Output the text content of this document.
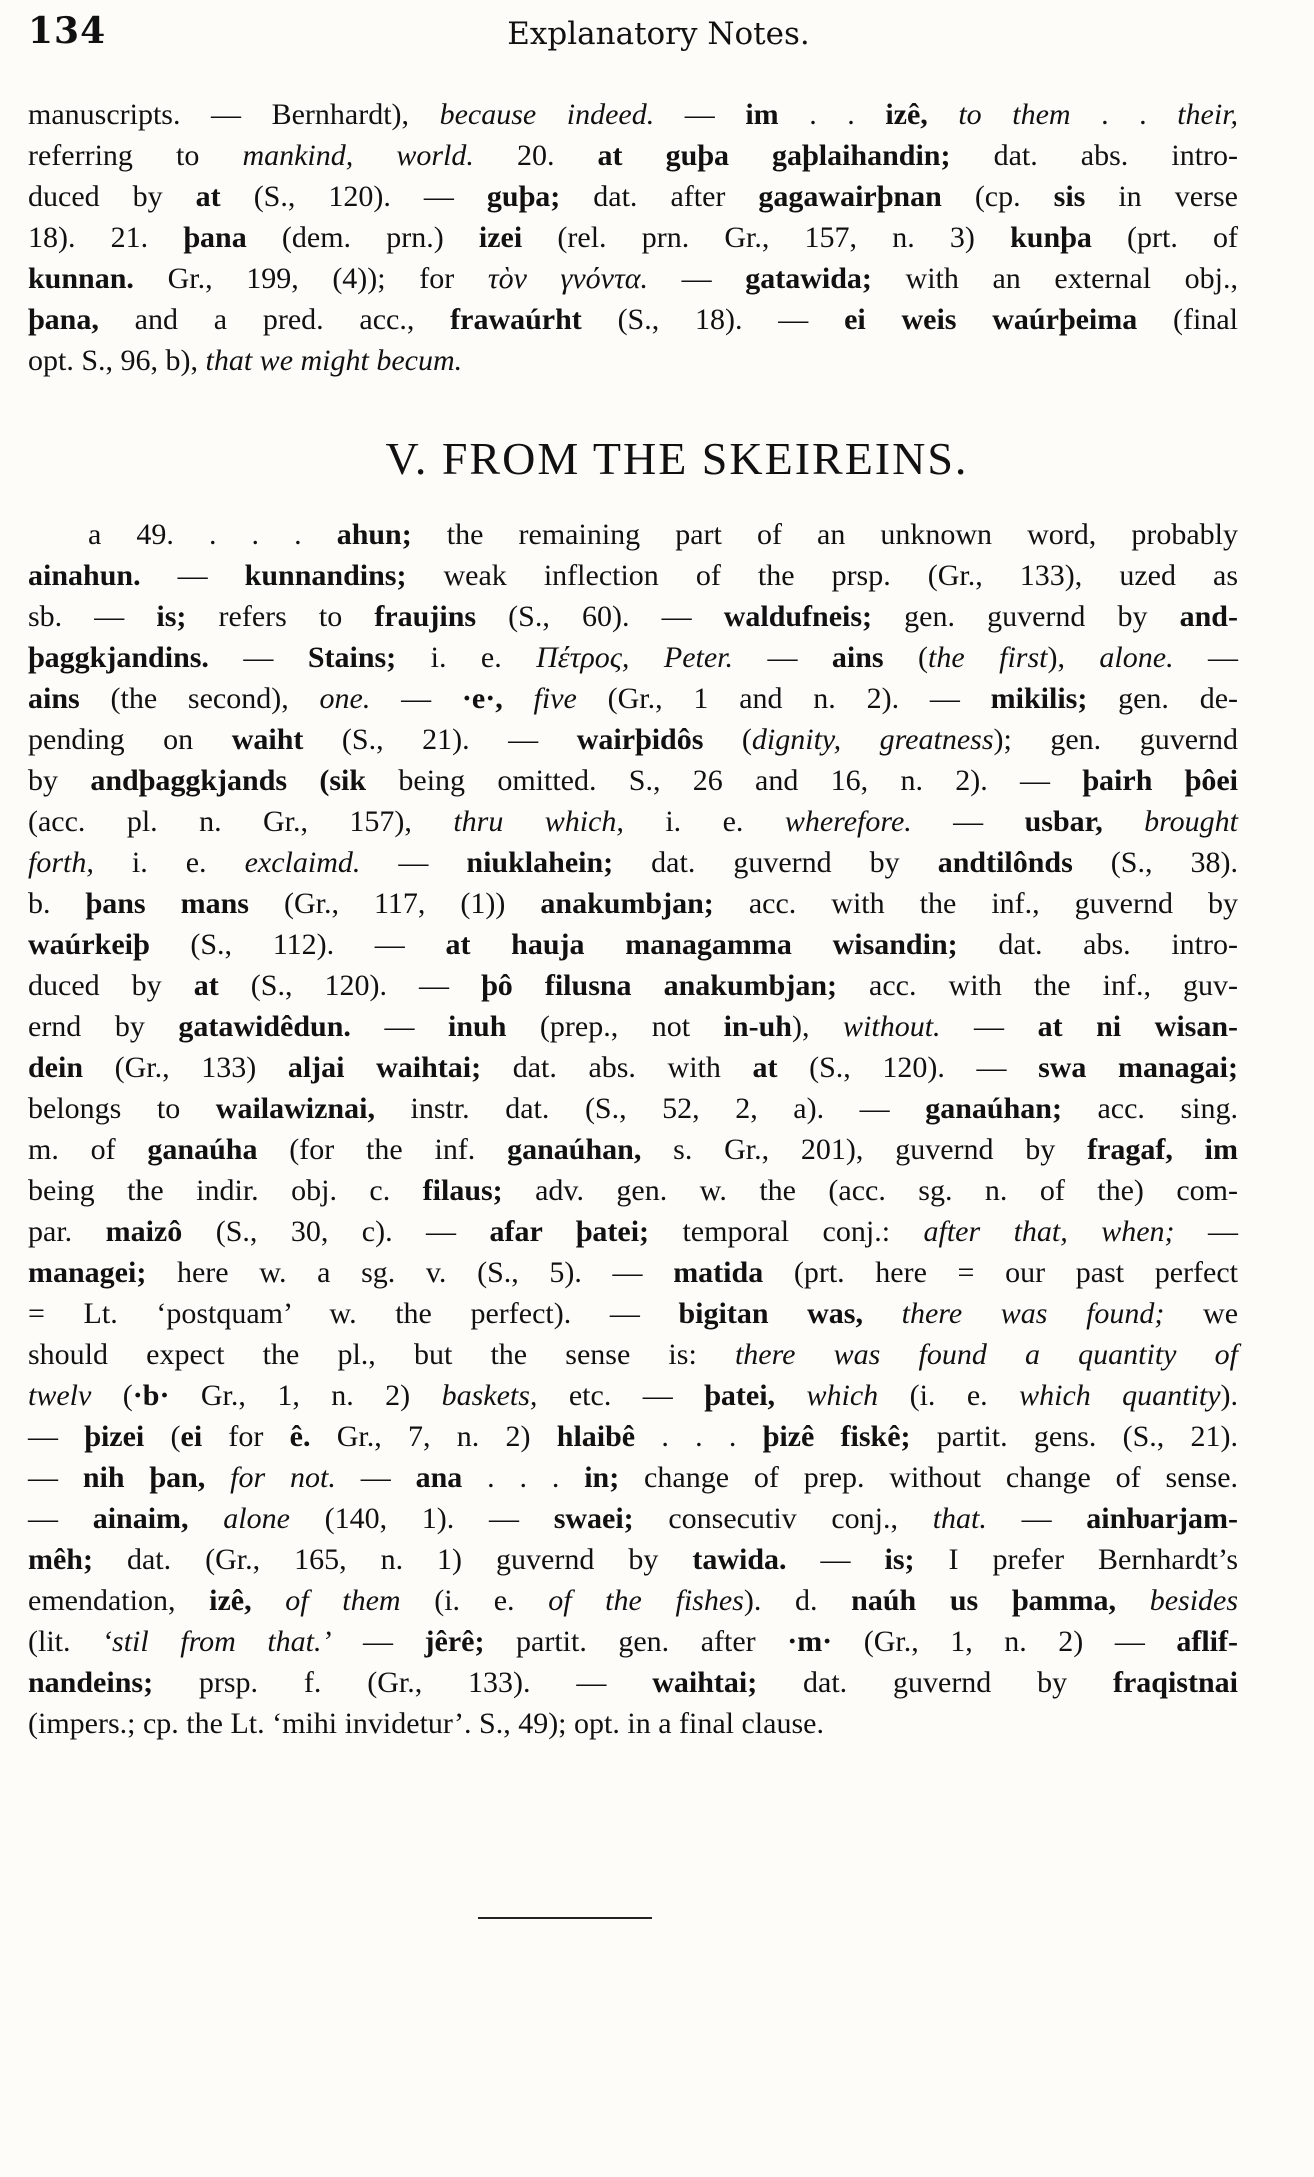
134	Explanatory Notes.
manuscripts. — Bernhardt), because indeed. — im . . izê, to them . . their,
referring to mankind, world. 20. at guþa gaþlaihandin; dat. abs. intro-
duced by at (S., 120). — guþa; dat. after gagawairþnan (cp. sis in verse
18). 21. þana (dem. prn.) izei (rel. prn. Gr., 157, n. 3) kunþa (prt. of
kunnan. Gr., 199, (4)); for τὸν γνόντα. — gatawida; with an external obj.,
þana, and a pred. acc., frawaúrht (S., 18). — ei weis waúrþeima (final
opt. S., 96, b), that we might becum.
V. FROM THE SKEIREINS.
a 49. . . . ahun; the remaining part of an unknown word, probably
ainahun. — kunnandins; weak inflection of the prsp. (Gr., 133), uzed as
sb. — is; refers to fraujins (S., 60). — waldufneis; gen. guvernd by and-
þaggkjandins. — Stains; i. e. Πέτρος, Peter. — ains (the first), alone. —
ains (the second), one. — ·e·, five (Gr., 1 and n. 2). — mikilis; gen. de-
pending on waiht (S., 21). — wairþidôs (dignity, greatness); gen. guvernd
by andþaggkjands (sik being omitted. S., 26 and 16, n. 2). — þairh þôei
(acc. pl. n. Gr., 157), thru which, i. e. wherefore. — usbar, brought
forth, i. e. exclaimd. — niuklahein; dat. guvernd by andtilônds (S., 38).
b. þans mans (Gr., 117, (1)) anakumbjan; acc. with the inf., guvernd by
waúrkeiþ (S., 112). — at hauja managamma wisandin; dat. abs. intro-
duced by at (S., 120). — þô filusna anakumbjan; acc. with the inf., guv-
ernd by gatawidêdun. — inuh (prep., not in-uh), without. — at ni wisan-
dein (Gr., 133) aljai waihtai; dat. abs. with at (S., 120). — swa managai;
belongs to wailawiznai, instr. dat. (S., 52, 2, a). — ganaúhan; acc. sing.
m. of ganaúha (for the inf. ganaúhan, s. Gr., 201), guvernd by fragaf, im
being the indir. obj. c. filaus; adv. gen. w. the (acc. sg. n. of the) com-
par. maizô (S., 30, c). — afar þatei; temporal conj.: after that, when; —
managei; here w. a sg. v. (S., 5). — matida (prt. here = our past perfect
= Lt. ‘postquam’ w. the perfect). — bigitan was, there was found; we
should expect the pl., but the sense is: there was found a quantity of
twelv (·b· Gr., 1, n. 2) baskets, etc. — þatei, which (i. e. which quantity).
— þizei (ei for ê. Gr., 7, n. 2) hlaibê . . . þizê fiskê; partit. gens. (S., 21).
— nih þan, for not. — ana . . . in; change of prep. without change of sense.
— ainaim, alone (140, 1). — swaei; consecutiv conj., that. — ainƕarjam-
mêh; dat. (Gr., 165, n. 1) guvernd by tawida. — is; I prefer Bernhardt’s
emendation, izê, of them (i. e. of the fishes). d. naúh us þamma, besides
(lit. ‘stil from that.’ — jêrê; partit. gen. after ·m· (Gr., 1, n. 2) — aflif-
nandeins; prsp. f. (Gr., 133). — waihtai; dat. guvernd by fraqistnai
(impers.; cp. the Lt. ‘mihi invidetur’. S., 49); opt. in a final clause.
